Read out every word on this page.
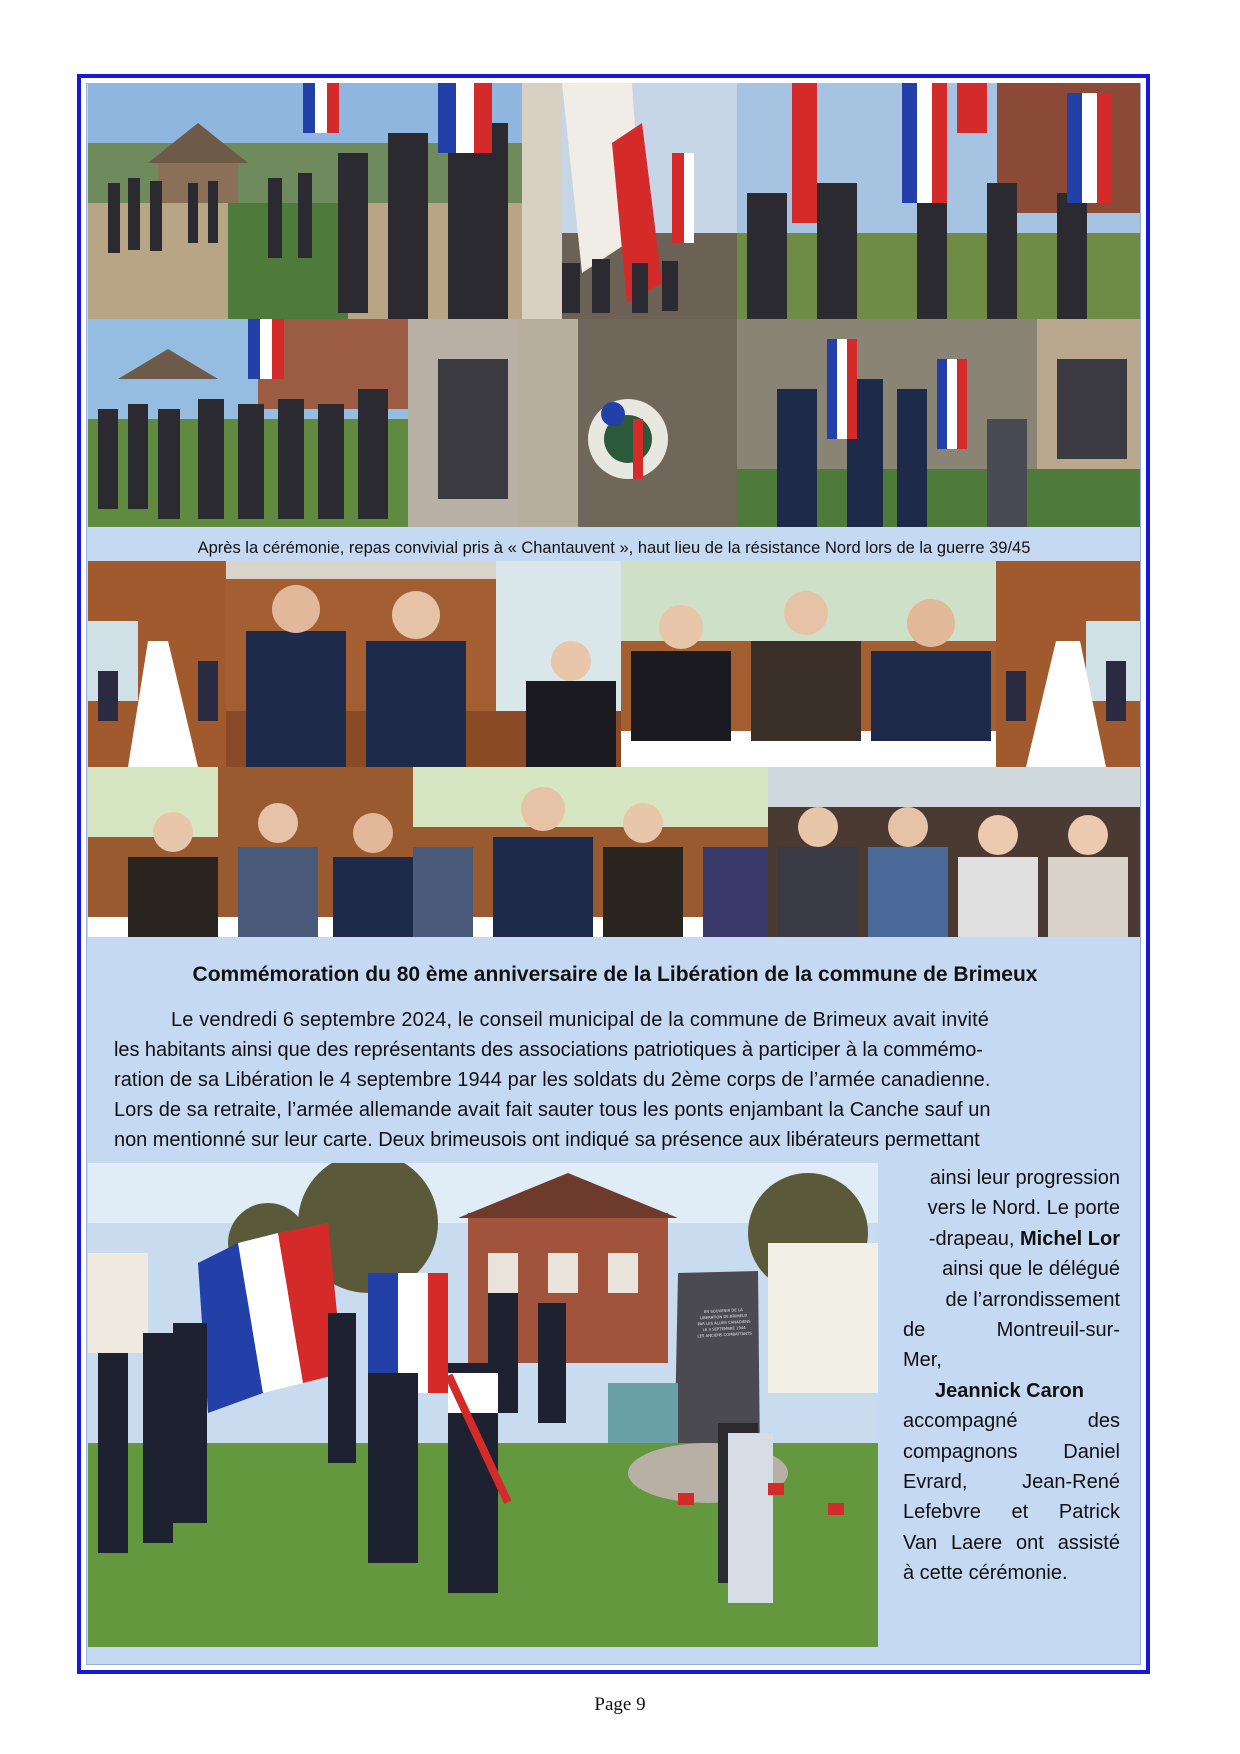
Après la cérémonie, repas convivial pris à « Chantauvent », haut lieu de la résistance Nord lors de la guerre 39/45
Commémoration du 80 ème anniversaire de la Libération de la commune de Brimeux
Le vendredi 6 septembre 2024, le conseil municipal de la commune de Brimeux avait invité
les habitants ainsi que des représentants des associations patriotiques à participer à la commémo-
ration de sa Libération le 4 septembre 1944 par les soldats du 2ème corps de l’armée canadienne.
Lors de sa retraite, l’armée allemande avait fait sauter tous les ponts enjambant la Canche sauf un
non mentionné sur leur carte. Deux brimeusois ont indiqué sa présence aux libérateurs permettant
EN SOUVENIR DE LA
LIBERATION DE BRIMEUX
PAR LES ALLIES CANADIENS
LE 4 SEPTEMBRE 1944
LES ANCIENS COMBATTANTS
ainsi leur progression
vers le Nord. Le porte
-drapeau, Michel Lor
ainsi que le délégué
de l’arrondissement
de Montreuil-sur-
Mer,
Jeannick Caron
accompagné des
compagnons Daniel
Evrard, Jean-René
Lefebvre et Patrick
Van Laere ont assisté
à cette cérémonie.
Page 9
